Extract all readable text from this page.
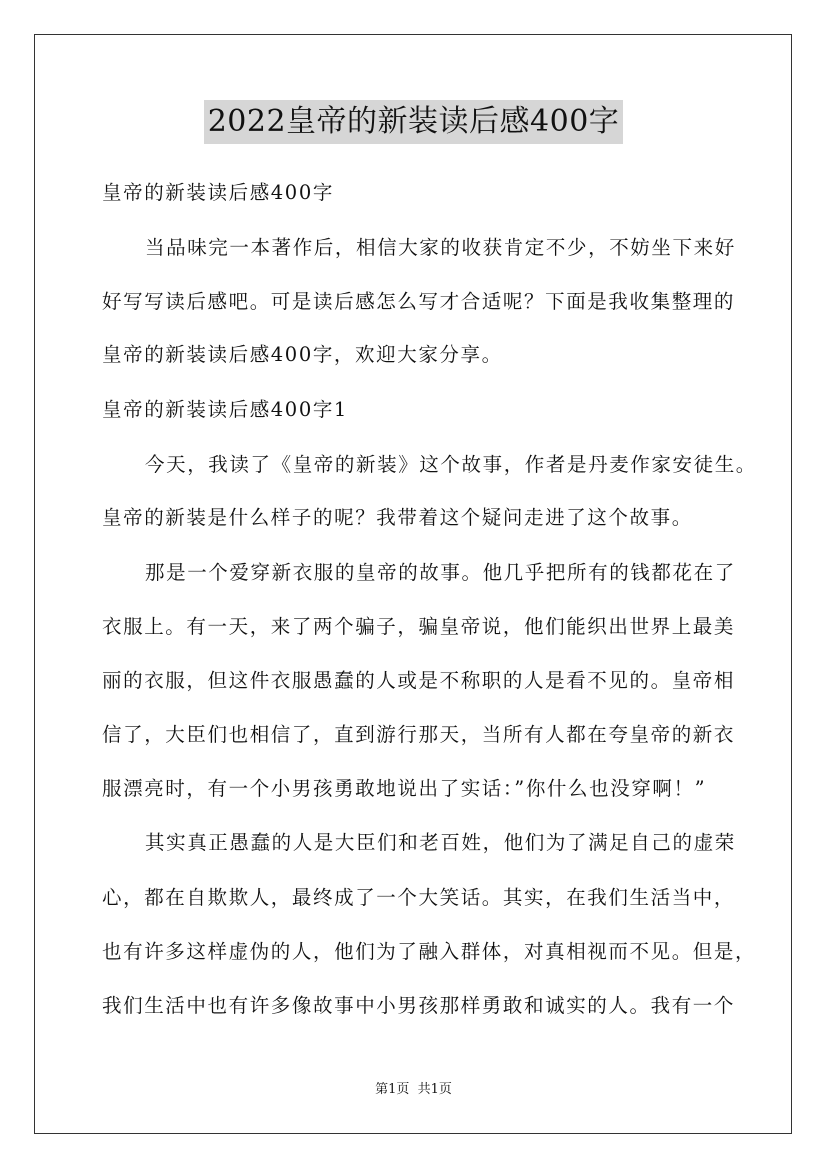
2022皇帝的新装读后感400字
皇帝的新装读后感400字
当品味完一本著作后，相信大家的收获肯定不少，不妨坐下来好
好写写读后感吧。可是读后感怎么写才合适呢？下面是我收集整理的
皇帝的新装读后感400字，欢迎大家分享。
皇帝的新装读后感400字1
今天，我读了《皇帝的新装》这个故事，作者是丹麦作家安徒生。
皇帝的新装是什么样子的呢？我带着这个疑问走进了这个故事。
那是一个爱穿新衣服的皇帝的故事。他几乎把所有的钱都花在了
衣服上。有一天，来了两个骗子，骗皇帝说，他们能织出世界上最美
丽的衣服，但这件衣服愚蠢的人或是不称职的人是看不见的。皇帝相
信了，大臣们也相信了，直到游行那天，当所有人都在夸皇帝的新衣
服漂亮时，有一个小男孩勇敢地说出了实话：”你什么也没穿啊！”
其实真正愚蠢的人是大臣们和老百姓，他们为了满足自己的虚荣
心，都在自欺欺人，最终成了一个大笑话。其实，在我们生活当中，
也有许多这样虚伪的人，他们为了融入群体，对真相视而不见。但是，
我们生活中也有许多像故事中小男孩那样勇敢和诚实的人。我有一个
第1页 共1页
